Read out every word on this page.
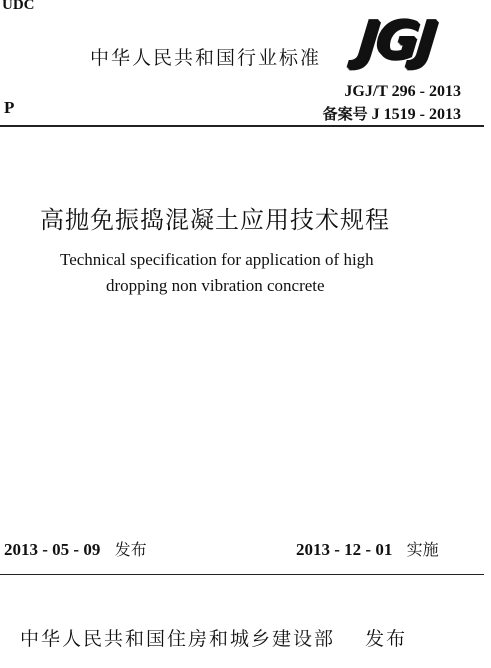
UDC
中华人民共和国行业标准 JGJ
JGJ/T 296 - 2013
P	备案号 J 1519 - 2013
高抛免振捣混凝土应用技术规程
Technical specification for application of high
dropping non vibration concrete
2013 - 05 - 09 发布	2013 - 12 - 01 实施
中华人民共和国住房和城乡建设部 发布
